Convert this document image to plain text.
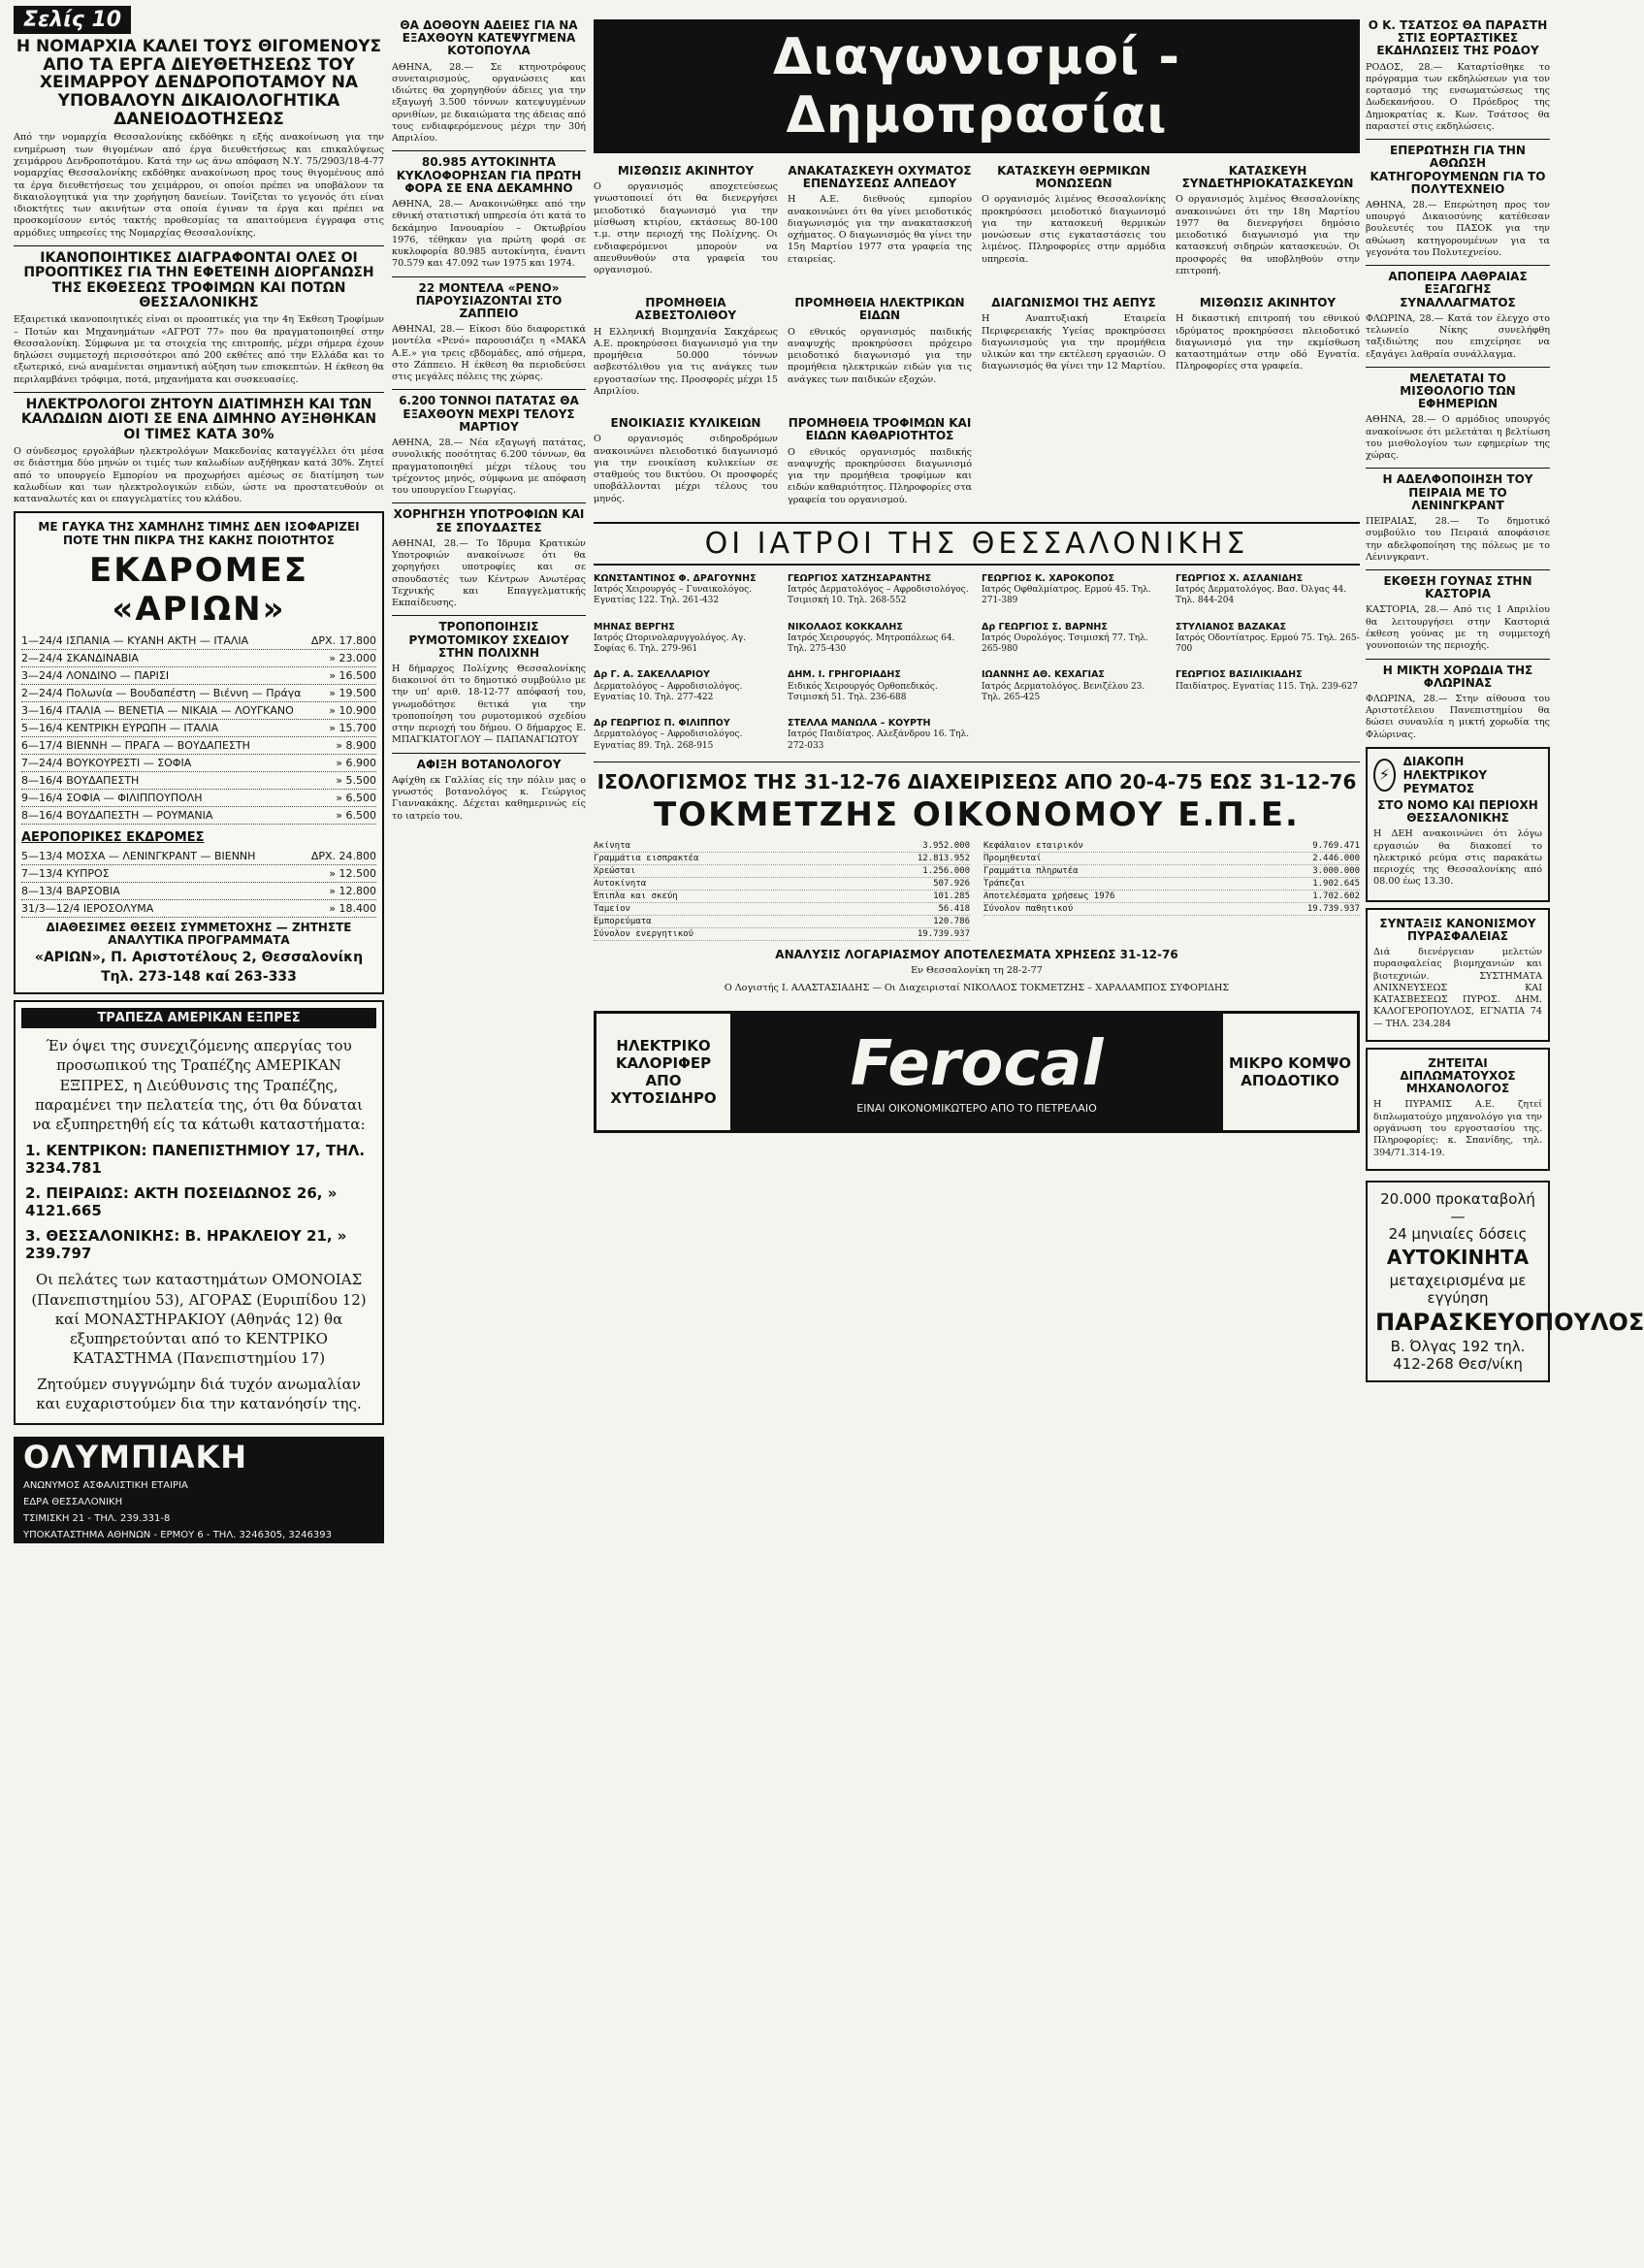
Σελίς 10
Η ΝΟΜΑΡΧΙΑ ΚΑΛΕΙ ΤΟΥΣ ΘΙΓΟΜΕΝΟΥΣ ΑΠΟ ΤΑ ΕΡΓΑ ΔΙΕΥΘΕΤΗΣΕΩΣ ΤΟΥ ΧΕΙΜΑΡΡΟΥ ΔΕΝΔΡΟΠΟΤΑΜΟΥ ΝΑ ΥΠΟΒΑΛΟΥΝ ΔΙΚΑΙΟΛΟΓΗΤΙΚΑ ΔΑΝΕΙΟΔΟΤΗΣΕΩΣ

Από την νομαρχία Θεσσαλονίκης εκδόθηκε η εξής ανακοίνωση για την ενημέρωση των θιγομένων από έργα διευθετήσεως και επικαλύψεως χειμάρρου Δενδροποτάμου. Κατά την ως άνω απόφαση Ν.Υ. 75/2903/18-4-77 νομαρχίας Θεσσαλονίκης εκδόθηκε ανακοίνωση προς τους θιγομένους από τα έργα διευθετήσεως του χειμάρρου, οι οποίοι πρέπει να υποβάλουν τα δικαιολογητικά για την χορήγηση δανείων. Τονίζεται το γεγονός ότι είναι ιδιοκτήτες των ακινήτων στα οποία έγιναν τα έργα και πρέπει να προσκομίσουν εντός τακτής προθεσμίας τα απαιτούμενα έγγραφα στις αρμόδιες υπηρεσίες της Νομαρχίας Θεσσαλονίκης.

ΙΚΑΝΟΠΟΙΗΤΙΚΕΣ ΔΙΑΓΡΑΦΟΝΤΑΙ ΟΛΕΣ ΟΙ ΠΡΟΟΠΤΙΚΕΣ ΓΙΑ ΤΗΝ ΕΦΕΤΕΙΝΗ ΔΙΟΡΓΑΝΩΣΗ ΤΗΣ ΕΚΘΕΣΕΩΣ ΤΡΟΦΙΜΩΝ ΚΑΙ ΠΟΤΩΝ ΘΕΣΣΑΛΟΝΙΚΗΣ

Εξαιρετικά ικανοποιητικές είναι οι προοπτικές για την 4η Έκθεση Τροφίμων – Ποτών και Μηχανημάτων «ΑΓΡΟΤ 77» που θα πραγματοποιηθεί στην Θεσσαλονίκη. Σύμφωνα με τα στοιχεία της επιτροπής, μέχρι σήμερα έχουν δηλώσει συμμετοχή περισσότεροι από 200 εκθέτες από την Ελλάδα και το εξωτερικό, ενώ αναμένεται σημαντική αύξηση των επισκεπτών. Η έκθεση θα περιλαμβάνει τρόφιμα, ποτά, μηχανήματα και συσκευασίες.

ΗΛΕΚΤΡΟΛΟΓΟΙ ΖΗΤΟΥΝ ΔΙΑΤΙΜΗΣΗ ΚΑΙ ΤΩΝ ΚΑΛΩΔΙΩΝ ΔΙΟΤΙ ΣΕ ΕΝΑ ΔΙΜΗΝΟ ΑΥΞΗΘΗΚΑΝ ΟΙ ΤΙΜΕΣ ΚΑΤΑ 30%

Ο σύνδεσμος εργολάβων ηλεκτρολόγων Μακεδονίας καταγγέλλει ότι μέσα σε διάστημα δύο μηνών οι τιμές των καλωδίων αυξήθηκαν κατά 30%. Ζητεί από το υπουργείο Εμπορίου να προχωρήσει αμέσως σε διατίμηση των καλωδίων και των ηλεκτρολογικών ειδών, ώστε να προστατευθούν οι καταναλωτές και οι επαγγελματίες του κλάδου.

ΜΕ ΓΑΥΚΑ ΤΗΣ ΧΑΜΗΛΗΣ ΤΙΜΗΣ ΔΕΝ ΙΣΟΦΑΡΙΖΕΙ ΠΟΤΕ ΤΗΝ ΠΙΚΡΑ ΤΗΣ ΚΑΚΗΣ ΠΟΙΟΤΗΤΟΣ
ΕΚΔΡΟΜΕΣ «ΑΡΙΩΝ»
1—24/4 ΙΣΠΑΝΙΑ — ΚΥΑΝΗ ΑΚΤΗ — ΙΤΑΛΙΑ	ΔΡΧ. 17.800
2—24/4 ΣΚΑΝΔΙΝΑΒΙΑ	» 23.000
3—24/4 ΛΟΝΔΙΝΟ — ΠΑΡΙΣΙ	» 16.500
2—24/4 Πολωνία — Βουδαπέστη — Βιέννη — Πράγα	» 19.500
3—16/4 ΙΤΑΛΙΑ — ΒΕΝΕΤΙΑ — ΝΙΚΑΙΑ — ΛΟΥΓΚΑΝΟ	» 10.900
5—16/4 ΚΕΝΤΡΙΚΗ ΕΥΡΩΠΗ — ΙΤΑΛΙΑ	» 15.700
6—17/4 ΒΙΕΝΝΗ — ΠΡΑΓΑ — ΒΟΥΔΑΠΕΣΤΗ	» 8.900
7—24/4 ΒΟΥΚΟΥΡΕΣΤΙ — ΣΟΦΙΑ	» 6.900
8—16/4 ΒΟΥΔΑΠΕΣΤΗ	» 5.500
9—16/4 ΣΟΦΙΑ — ΦΙΛΙΠΠΟΥΠΟΛΗ	» 6.500
8—16/4 ΒΟΥΔΑΠΕΣΤΗ — ΡΟΥΜΑΝΙΑ	» 6.500
ΑΕΡΟΠΟΡΙΚΕΣ ΕΚΔΡΟΜΕΣ
5—13/4 ΜΟΣΧΑ — ΛΕΝΙΝΓΚΡΑΝΤ — ΒΙΕΝΝΗ	ΔΡΧ. 24.800
7—13/4 ΚΥΠΡΟΣ	» 12.500
8—13/4 ΒΑΡΣΟΒΙΑ	» 12.800
31/3—12/4 ΙΕΡΟΣΟΛΥΜΑ	» 18.400
ΔΙΑΘΕΣΙΜΕΣ ΘΕΣΕΙΣ ΣΥΜΜΕΤΟΧΗΣ — ΖΗΤΗΣΤΕ ΑΝΑΛΥΤΙΚΑ ΠΡΟΓΡΑΜΜΑΤΑ
«ΑΡΙΩΝ», Π. Αριστοτέλους 2, Θεσσαλονίκη
Τηλ. 273-148 καί 263-333
ΤΡΑΠΕΖΑ ΑΜΕΡΙΚΑΝ ΕΞΠΡΕΣ
Έν όψει της συνεχιζόμενης απεργίας του προσωπικού της Τραπέζης ΑΜΕΡΙΚΑΝ ΕΞΠΡΕΣ, η Διεύθυνσις της Τραπέζης, παραμένει την πελατεία της, ότι θα δύναται να εξυπηρετηθή είς τα κάτωθι καταστήματα:
1. ΚΕΝΤΡΙΚΟΝ: ΠΑΝΕΠΙΣΤΗΜΙΟΥ 17, ΤΗΛ. 3234.781
2. ΠΕΙΡΑΙΩΣ: ΑΚΤΗ ΠΟΣΕΙΔΩΝΟΣ 26, » 4121.665
3. ΘΕΣΣΑΛΟΝΙΚΗΣ: Β. ΗΡΑΚΛΕΙΟΥ 21, » 239.797
Οι πελάτες των καταστημάτων ΟΜΟΝΟΙΑΣ (Πανεπιστημίου 53), ΑΓΟΡΑΣ (Ευριπίδου 12) καί ΜΟΝΑΣΤΗΡΑΚΙΟΥ (Αθηνάς 12) θα εξυπηρετούνται από το ΚΕΝΤΡΙΚΟ ΚΑΤΑΣΤΗΜΑ (Πανεπιστημίου 17)
Ζητούμεν συγγνώμην διά τυχόν ανωμαλίαν και ευχαριστούμεν δια την κατανόησίν της.
ΟΛΥΜΠΙΑΚΗ
ΑΝΩΝΥΜΟΣ ΑΣΦΑΛΙΣΤΙΚΗ ΕΤΑΙΡΙΑ
ΕΔΡΑ ΘΕΣΣΑΛΟΝΙΚΗ
ΤΣΙΜΙΣΚΗ 21 - ΤΗΛ. 239.331-8
ΥΠΟΚΑΤΑΣΤΗΜΑ ΑΘΗΝΩΝ - ΕΡΜΟΥ 6 - ΤΗΛ. 3246305, 3246393
ΘΑ ΔΟΘΟΥΝ ΑΔΕΙΕΣ ΓΙΑ ΝΑ ΕΞΑΧΘΟΥΝ ΚΑΤΕΨΥΓΜΕΝΑ ΚΟΤΟΠΟΥΛΑ

ΑΘΗΝΑ, 28.— Σε κτηνοτρόφους συνεταιρισμούς, οργανώσεις και ιδιώτες θα χορηγηθούν άδειες για την εξαγωγή 3.500 τόννων κατεψυγμένων ορνιθίων, με δικαιώματα της άδειας από τους ενδιαφερόμενους μέχρι την 30ή Απριλίου.

80.985 ΑΥΤΟΚΙΝΗΤΑ ΚΥΚΛΟΦΟΡΗΣΑΝ ΓΙΑ ΠΡΩΤΗ ΦΟΡΑ ΣΕ ΕΝΑ ΔΕΚΑΜΗΝΟ

ΑΘΗΝΑ, 28.— Ανακοινώθηκε από την εθνική στατιστική υπηρεσία ότι κατά το δεκάμηνο Ιανουαρίου – Οκτωβρίου 1976, τέθηκαν για πρώτη φορά σε κυκλοφορία 80.985 αυτοκίνητα, έναντι 70.579 και 47.092 των 1975 και 1974.

22 ΜΟΝΤΕΛΑ «ΡΕΝΟ» ΠΑΡΟΥΣΙΑΖΟΝΤΑΙ ΣΤΟ ΖΑΠΠΕΙΟ

ΑΘΗΝΑΙ, 28.— Είκοσι δύο διαφορετικά μοντέλα «Ρενό» παρουσιάζει η «ΜΑΚΑ Α.Ε.» για τρεις εβδομάδες, από σήμερα, στο Ζάππειο. Η έκθεση θα περιοδεύσει στις μεγάλες πόλεις της χώρας.

6.200 ΤΟΝΝΟΙ ΠΑΤΑΤΑΣ ΘΑ ΕΞΑΧΘΟΥΝ ΜΕΧΡΙ ΤΕΛΟΥΣ ΜΑΡΤΙΟΥ

ΑΘΗΝΑ, 28.— Νέα εξαγωγή πατάτας, συνολικής ποσότητας 6.200 τόννων, θα πραγματοποιηθεί μέχρι τέλους του τρέχοντος μηνός, σύμφωνα με απόφαση του υπουργείου Γεωργίας.

ΧΟΡΗΓΗΣΗ ΥΠΟΤΡΟΦΙΩΝ ΚΑΙ ΣΕ ΣΠΟΥΔΑΣΤΕΣ

ΑΘΗΝΑΙ, 28.— Το Ίδρυμα Κρατικών Υποτροφιών ανακοίνωσε ότι θα χορηγήσει υποτροφίες και σε σπουδαστές των Κέντρων Ανωτέρας Τεχνικής και Επαγγελματικής Εκπαίδευσης.

ΤΡΟΠΟΠΟΙΗΣΙΣ ΡΥΜΟΤΟΜΙΚΟΥ ΣΧΕΔΙΟΥ ΣΤΗΝ ΠΟΛΙΧΝΗ

Η δήμαρχος Πολίχνης Θεσσαλονίκης διακοινοί ότι το δημοτικό συμβούλιο με την υπ' αριθ. 18-12-77 απόφασή του, γνωμοδότησε θετικά για την τροποποίηση του ρυμοτομικού σχεδίου στην περιοχή του δήμου. Ο δήμαρχος Ε. ΜΠΑΓΚΙΑΤΟΓΛΟΥ — ΠΑΠΑΝΑΓΙΩΤΟΥ

ΑΦΙΞΗ ΒΟΤΑΝΟΛΟΓΟΥ

Αφίχθη εκ Γαλλίας είς την πόλιν μας ο γνωστός βοτανολόγος κ. Γεώργιος Γιαννακάκης. Δέχεται καθημερινώς είς το ιατρείο του.

Διαγωνισμοί - Δημοπρασίαι
ΜΙΣΘΩΣΙΣ ΑΚΙΝΗΤΟΥ

Ο οργανισμός αποχετεύσεως γνωστοποιεί ότι θα διενεργήσει μειοδοτικό διαγωνισμό για την μίσθωση κτιρίου, εκτάσεως 80-100 τ.μ. στην περιοχή της Πολίχνης. Οι ενδιαφερόμενοι μπορούν να απευθυνθούν στα γραφεία του οργανισμού.

ΑΝΑΚΑΤΑΣΚΕΥΗ ΟΧΥΜΑΤΟΣ ΕΠΕΝΔΥΣΕΩΣ ΑΛΠΕΔΟΥ

Η Α.Ε. διεθνούς εμπορίου ανακοινώνει ότι θα γίνει μειοδοτικός διαγωνισμός για την ανακατασκευή οχήματος. Ο διαγωνισμός θα γίνει την 15η Μαρτίου 1977 στα γραφεία της εταιρείας.

ΚΑΤΑΣΚΕΥΗ ΘΕΡΜΙΚΩΝ ΜΟΝΩΣΕΩΝ

Ο οργανισμός λιμένος Θεσσαλονίκης προκηρύσσει μειοδοτικό διαγωνισμό για την κατασκευή θερμικών μονώσεων στις εγκαταστάσεις του λιμένος. Πληροφορίες στην αρμόδια υπηρεσία.

ΚΑΤΑΣΚΕΥΗ ΣΥΝΔΕΤΗΡΙΟΚΑΤΑΣΚΕΥΩΝ

Ο οργανισμός λιμένος Θεσσαλονίκης ανακοινώνει ότι την 18η Μαρτίου 1977 θα διενεργήσει δημόσιο μειοδοτικό διαγωνισμό για την κατασκευή σιδηρών κατασκευών. Οι προσφορές θα υποβληθούν στην επιτροπή.

ΠΡΟΜΗΘΕΙΑ ΑΣΒΕΣΤΟΛΙΘΟΥ

Η Ελληνική Βιομηχανία Σακχάρεως Α.Ε. προκηρύσσει διαγωνισμό για την προμήθεια 50.000 τόννων ασβεστόλιθου για τις ανάγκες των εργοστασίων της. Προσφορές μέχρι 15 Απριλίου.

ΠΡΟΜΗΘΕΙΑ ΗΛΕΚΤΡΙΚΩΝ ΕΙΔΩΝ

Ο εθνικός οργανισμός παιδικής αναψυχής προκηρύσσει πρόχειρο μειοδοτικό διαγωνισμό για την προμήθεια ηλεκτρικών ειδών για τις ανάγκες των παιδικών εξοχών.

ΔΙΑΓΩΝΙΣΜΟΙ ΤΗΣ ΑΕΠΥΣ

Η Αναπτυξιακή Εταιρεία Περιφερειακής Υγείας προκηρύσσει διαγωνισμούς για την προμήθεια υλικών και την εκτέλεση εργασιών. Ο διαγωνισμός θα γίνει την 12 Μαρτίου.

ΜΙΣΘΩΣΙΣ ΑΚΙΝΗΤΟΥ

Η δικαστική επιτροπή του εθνικού ιδρύματος προκηρύσσει πλειοδοτικό διαγωνισμό για την εκμίσθωση καταστημάτων στην οδό Εγνατία. Πληροφορίες στα γραφεία.

ΕΝΟΙΚΙΑΣΙΣ ΚΥΛΙΚΕΙΩΝ

Ο οργανισμός σιδηροδρόμων ανακοινώνει πλειοδοτικό διαγωνισμό για την ενοικίαση κυλικείων σε σταθμούς του δικτύου. Οι προσφορές υποβάλλονται μέχρι τέλους του μηνός.

ΠΡΟΜΗΘΕΙΑ ΤΡΟΦΙΜΩΝ ΚΑΙ ΕΙΔΩΝ ΚΑΘΑΡΙΟΤΗΤΟΣ

Ο εθνικός οργανισμός παιδικής αναψυχής προκηρύσσει διαγωνισμό για την προμήθεια τροφίμων και ειδών καθαριότητος. Πληροφορίες στα γραφεία του οργανισμού.

ΟΙ ΙΑΤΡΟΙ ΤΗΣ ΘΕΣΣΑΛΟΝΙΚΗΣ
ΚΩΝΣΤΑΝΤΙΝΟΣ Φ. ΔΡΑΓΟΥΝΗΣ
Ιατρός Χειρουργός – Γυναικολόγος. Εγνατίας 122. Τηλ. 261-432
ΓΕΩΡΓΙΟΣ ΧΑΤΖΗΣΑΡΑΝΤΗΣ
Ιατρός Δερματολόγος – Αφροδισιολόγος. Τσιμισκή 10. Τηλ. 268-552
ΓΕΩΡΓΙΟΣ Κ. ΧΑΡΟΚΟΠΟΣ
Ιατρός Οφθαλμίατρος. Ερμού 45. Τηλ. 271-389
ΓΕΩΡΓΙΟΣ Χ. ΑΣΛΑΝΙΔΗΣ
Ιατρός Δερματολόγος. Βασ. Όλγας 44. Τηλ. 844-204
ΜΗΝΑΣ ΒΕΡΓΗΣ
Ιατρός Ωτορινολαρυγγολόγος. Αγ. Σοφίας 6. Τηλ. 279-961
ΝΙΚΟΛΑΟΣ ΚΟΚΚΑΛΗΣ
Ιατρός Χειρουργός. Μητροπόλεως 64. Τηλ. 275-430
Δρ ΓΕΩΡΓΙΟΣ Σ. ΒΑΡΝΗΣ
Ιατρός Ουρολόγος. Τσιμισκή 77. Τηλ. 265-980
ΣΤΥΛΙΑΝΟΣ ΒΑΖΑΚΑΣ
Ιατρός Οδοντίατρος. Ερμού 75. Τηλ. 265-700
Δρ Γ. Α. ΣΑΚΕΛΛΑΡΙΟΥ
Δερματολόγος – Αφροδισιολόγος. Εγνατίας 10. Τηλ. 277-422
ΔΗΜ. Ι. ΓΡΗΓΟΡΙΑΔΗΣ
Ειδικός Χειρουργός Ορθοπεδικός. Τσιμισκή 51. Τηλ. 236-688
ΙΩΑΝΝΗΣ ΑΘ. ΚΕΧΑΓΙΑΣ
Ιατρός Δερματολόγος. Βενιζέλου 23. Τηλ. 265-425
ΓΕΩΡΓΙΟΣ ΒΑΣΙΛΙΚΙΑΔΗΣ
Παιδίατρος. Εγνατίας 115. Τηλ. 239-627
Δρ ΓΕΩΡΓΙΟΣ Π. ΦΙΛΙΠΠΟΥ
Δερματολόγος – Αφροδισιολόγος. Εγνατίας 89. Τηλ. 268-915
ΣΤΕΛΛΑ ΜΑΝΩΛΑ – ΚΟΥΡΤΗ
Ιατρός Παιδίατρος. Αλεξάνδρου 16. Τηλ. 272-033
ΙΣΟΛΟΓΙΣΜΟΣ ΤΗΣ 31-12-76 ΔΙΑΧΕΙΡΙΣΕΩΣ ΑΠΟ 20-4-75 ΕΩΣ 31-12-76
ΤΟΚΜΕΤΖΗΣ ΟΙΚΟΝΟΜΟΥ Ε.Π.Ε.
Ακίνητα	3.952.000
Γραμμάτια εισπρακτέα	12.813.952
Χρεώσται	1.256.000
Αυτοκίνητα	507.926
Έπιπλα και σκεύη	101.285
Ταμείον	56.418
Εμπορεύματα	120.786
Σύνολον ενεργητικού	19.739.937
Κεφάλαιον εταιρικόν	9.769.471
Προμηθευταί	2.446.000
Γραμμάτια πληρωτέα	3.000.000
Τράπεζαι	1.902.645
Αποτελέσματα χρήσεως 1976	1.702.602
Σύνολον παθητικού	19.739.937
ΑΝΑΛΥΣΙΣ ΛΟΓΑΡΙΑΣΜΟΥ ΑΠΟΤΕΛΕΣΜΑΤΑ ΧΡΗΣΕΩΣ 31-12-76
Εν Θεσσαλονίκη τη 28-2-77
Ο Λογιστής Ι. ΑΛΑΣΤΑΣΙΑΔΗΣ — Οι Διαχειρισταί ΝΙΚΟΛΑΟΣ ΤΟΚΜΕΤΖΗΣ – ΧΑΡΑΛΑΜΠΟΣ ΣΥΦΟΡΙΔΗΣ
ΗΛΕΚΤΡΙΚΟ ΚΑΛΟΡΙΦΕΡ ΑΠΟ ΧΥΤΟΣΙΔΗΡΟ Ferocal
ΕΙΝΑΙ ΟΙΚΟΝΟΜΙΚΩΤΕΡΟ ΑΠΟ ΤΟ ΠΕΤΡΕΛΑΙΟ
ΜΙΚΡΟ ΚΟΜΨΟ ΑΠΟΔΟΤΙΚΟ
Ο Κ. ΤΣΑΤΣΟΣ ΘΑ ΠΑΡΑΣΤΗ ΣΤΙΣ ΕΟΡΤΑΣΤΙΚΕΣ ΕΚΔΗΛΩΣΕΙΣ ΤΗΣ ΡΟΔΟΥ

ΡΟΔΟΣ, 28.— Καταρτίσθηκε το πρόγραμμα των εκδηλώσεων για τον εορτασμό της ενσωματώσεως της Δωδεκανήσου. Ο Πρόεδρος της Δημοκρατίας κ. Κων. Τσάτσος θα παραστεί στις εκδηλώσεις.

ΕΠΕΡΩΤΗΣΗ ΓΙΑ ΤΗΝ ΑΘΩΩΣΗ ΚΑΤΗΓΟΡΟΥΜΕΝΩΝ ΓΙΑ ΤΟ ΠΟΛΥΤΕΧΝΕΙΟ

ΑΘΗΝΑ, 28.— Επερώτηση προς τον υπουργό Δικαιοσύνης κατέθεσαν βουλευτές του ΠΑΣΟΚ για την αθώωση κατηγορουμένων για τα γεγονότα του Πολυτεχνείου.

ΑΠΟΠΕΙΡΑ ΛΑΘΡΑΙΑΣ ΕΞΑΓΩΓΗΣ ΣΥΝΑΛΛΑΓΜΑΤΟΣ

ΦΛΩΡΙΝΑ, 28.— Κατά τον έλεγχο στο τελωνείο Νίκης συνελήφθη ταξιδιώτης που επιχείρησε να εξαγάγει λαθραία συνάλλαγμα.

ΜΕΛΕΤΑΤΑΙ ΤΟ ΜΙΣΘΟΛΟΓΙΟ ΤΩΝ ΕΦΗΜΕΡΙΩΝ

ΑΘΗΝΑ, 28.— Ο αρμόδιος υπουργός ανακοίνωσε ότι μελετάται η βελτίωση του μισθολογίου των εφημερίων της χώρας.

Η ΑΔΕΛΦΟΠΟΙΗΣΗ ΤΟΥ ΠΕΙΡΑΙΑ ΜΕ ΤΟ ΛΕΝΙΝΓΚΡΑΝΤ

ΠΕΙΡΑΙΑΣ, 28.— Το δημοτικό συμβούλιο του Πειραιά αποφάσισε την αδελφοποίηση της πόλεως με το Λένινγκραντ.

ΕΚΘΕΣΗ ΓΟΥΝΑΣ ΣΤΗΝ ΚΑΣΤΟΡΙΑ

ΚΑΣΤΟΡΙΑ, 28.— Από τις 1 Απριλίου θα λειτουργήσει στην Καστοριά έκθεση γούνας με τη συμμετοχή γουνοποιών της περιοχής.

Η ΜΙΚΤΗ ΧΟΡΩΔΙΑ ΤΗΣ ΦΛΩΡΙΝΑΣ

ΦΛΩΡΙΝΑ, 28.— Στην αίθουσα του Αριστοτέλειου Πανεπιστημίου θα δώσει συναυλία η μικτή χορωδία της Φλώρινας.

⚡
ΔΙΑΚΟΠΗ ΗΛΕΚΤΡΙΚΟΥ ΡΕΥΜΑΤΟΣ
ΣΤΟ ΝΟΜΟ ΚΑΙ ΠΕΡΙΟΧΗ ΘΕΣΣΑΛΟΝΙΚΗΣ

Η ΔΕΗ ανακοινώνει ότι λόγω εργασιών θα διακοπεί το ηλεκτρικό ρεύμα στις παρακάτω περιοχές της Θεσσαλονίκης από 08.00 έως 13.30.

ΣΥΝΤΑΞΙΣ ΚΑΝΟΝΙΣΜΟΥ ΠΥΡΑΣΦΑΛΕΙΑΣ

Διά διενέργειαν μελετών πυρασφαλείας βιομηχανιών και βιοτεχνιών. ΣΥΣΤΗΜΑΤΑ ΑΝΙΧΝΕΥΣΕΩΣ ΚΑΙ ΚΑΤΑΣΒΕΣΕΩΣ ΠΥΡΟΣ. ΔΗΜ. ΚΑΛΟΓΕΡΟΠΟΥΛΟΣ, ΕΓΝΑΤΙΑ 74 — ΤΗΛ. 234.284

ΖΗΤΕΙΤΑΙ ΔΙΠΛΩΜΑΤΟΥΧΟΣ ΜΗΧΑΝΟΛΟΓΟΣ

Η ΠΥΡΑΜΙΣ Α.Ε. ζητεί διπλωματούχο μηχανολόγο για την οργάνωση του εργοστασίου της. Πληροφορίες: κ. Σπανίδης, τηλ. 394/71.314-19.

20.000 προκαταβολή —
24 μηνιαίες δόσεις
ΑΥΤΟΚΙΝΗΤΑ
μεταχειρισμένα με εγγύηση
ΠΑΡΑΣΚΕΥΟΠΟΥΛΟΣ
Β. Όλγας 192 τηλ. 412-268 Θεσ/νίκη
